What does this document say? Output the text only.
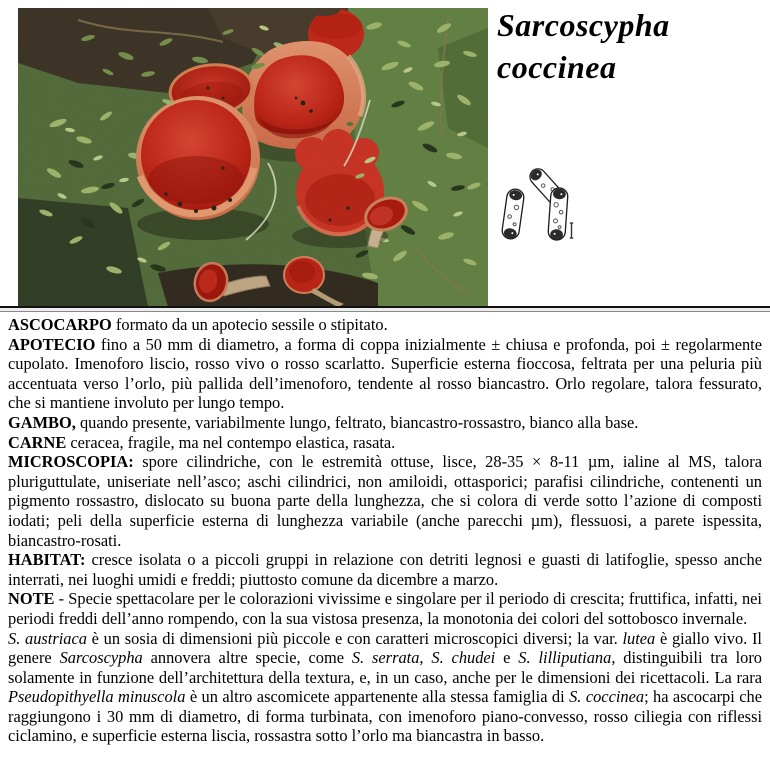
Sarcoscypha
coccinea

ASCOCARPO formato da un apotecio sessile o stipitato.

APOTECIO fino a 50 mm di diametro, a forma di coppa inizialmente ± chiusa e profonda, poi ± regolarmente cupolato. Imenoforo liscio, rosso vivo o rosso scarlatto. Superficie esterna fioccosa, feltrata per una peluria più accentuata verso l’orlo, più pallida dell’imenoforo, tendente al rosso biancastro. Orlo regolare, talora fessurato, che si mantiene involuto per lungo tempo.

GAMBO, quando presente, variabilmente lungo, feltrato, biancastro-rossastro, bianco alla base.

CARNE ceracea, fragile, ma nel contempo elastica, rasata.

MICROSCOPIA: spore cilindriche, con le estremità ottuse, lisce, 28-35 × 8-11 µm, ialine al MS, talora pluriguttulate, uniseriate nell’asco; aschi cilindrici, non amiloidi, ottasporici; parafisi cilindriche, contenenti un pigmento rossastro, dislocato su buona parte della lunghezza, che si colora di verde sotto l’azione di composti iodati; peli della superficie esterna di lunghezza variabile (anche parecchi µm), flessuosi, a parete ispessita, biancastro-rosati.

HABITAT: cresce isolata o a piccoli gruppi in relazione con detriti legnosi e guasti di latifoglie, spesso anche interrati, nei luoghi umidi e freddi; piuttosto comune da dicembre a marzo.

NOTE - Specie spettacolare per le colorazioni vivissime e singolare per il periodo di crescita; fruttifica, infatti, nei periodi freddi dell’anno rompendo, con la sua vistosa presenza, la monotonia dei colori del sottobosco invernale.

S. austriaca è un sosia di dimensioni più piccole e con caratteri microscopici diversi; la var. lutea è giallo vivo. Il genere Sarcoscypha annovera altre specie, come S. serrata, S. chudei e S. lilliputiana, distinguibili tra loro solamente in funzione dell’architettura della textura, e, in un caso, anche per le dimensioni dei ricettacoli. La rara Pseudopithyella minuscola è un altro ascomicete appartenente alla stessa famiglia di S. coccinea; ha ascocarpi che raggiungono i 30 mm di diametro, di forma turbinata, con imenoforo piano-convesso, rosso ciliegia con riflessi ciclamino, e superficie esterna liscia, rossastra sotto l’orlo ma biancastra in basso.
